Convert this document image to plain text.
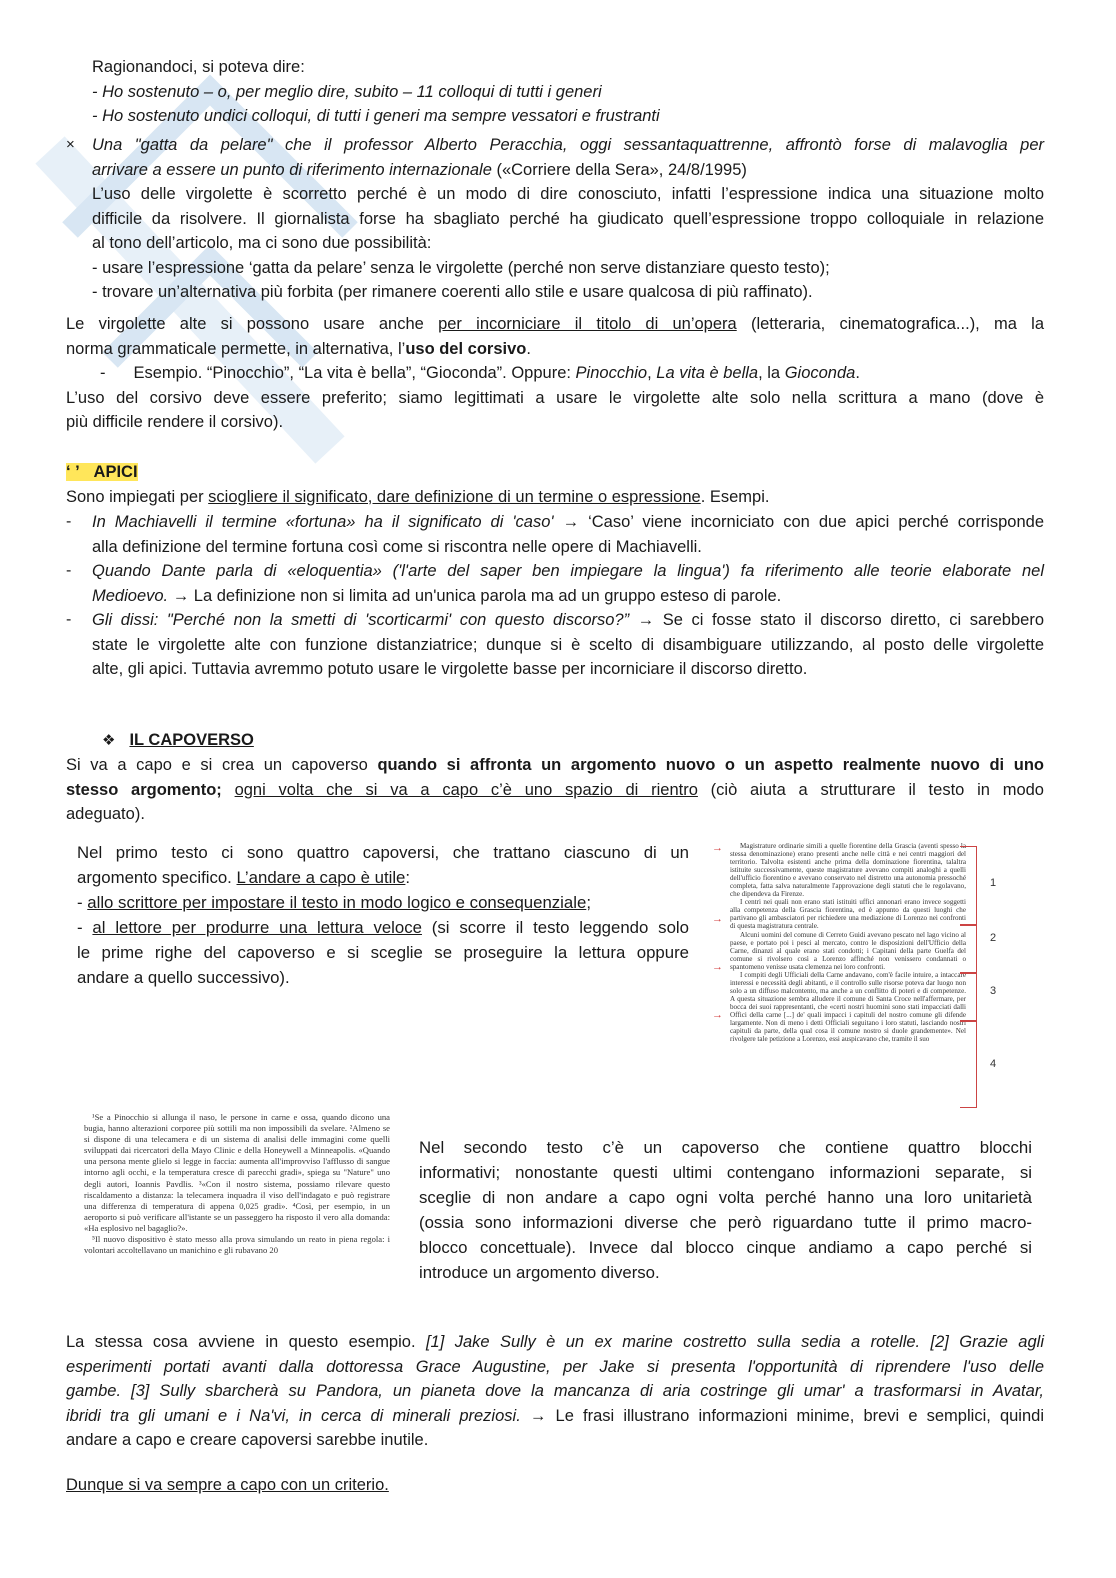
Ragionandoci, si poteva dire:
- Ho sostenuto – o, per meglio dire, subito – 11 colloqui di tutti i generi
- Ho sostenuto undici colloqui, di tutti i generi ma sempre vessatori e frustranti
× Una "gatta da pelare" che il professor Alberto Peracchia, oggi sessantaquattrenne, affrontò forse di malavoglia per
arrivare a essere un punto di riferimento internazionale («Corriere della Sera», 24/8/1995)
L’uso delle virgolette è scorretto perché è un modo di dire conosciuto, infatti l’espressione indica una situazione molto
difficile da risolvere. Il giornalista forse ha sbagliato perché ha giudicato quell’espressione troppo colloquiale in relazione
al tono dell’articolo, ma ci sono due possibilità:
- usare l’espressione ‘gatta da pelare’ senza le virgolette (perché non serve distanziare questo testo);
- trovare un’alternativa più forbita (per rimanere coerenti allo stile e usare qualcosa di più raffinato).
Le virgolette alte si possono usare anche per incorniciare il titolo di un’opera (letteraria, cinematografica...), ma la
norma grammaticale permette, in alternativa, l’uso del corsivo.
- Esempio. “Pinocchio”, “La vita è bella”, “Gioconda”. Oppure: Pinocchio, La vita è bella, la Gioconda.
L’uso del corsivo deve essere preferito; siamo legittimati a usare le virgolette alte solo nella scrittura a mano (dove è
più difficile rendere il corsivo).
‘ ’ APICI
Sono impiegati per sciogliere il significato, dare definizione di un termine o espressione. Esempi.
- In Machiavelli il termine «fortuna» ha il significato di 'caso' → ‘Caso’ viene incorniciato con due apici perché corrisponde
alla definizione del termine fortuna così come si riscontra nelle opere di Machiavelli.
- Quando Dante parla di «eloquentia» ('l'arte del saper ben impiegare la lingua') fa riferimento alle teorie elaborate nel
Medioevo. → La definizione non si limita ad un'unica parola ma ad un gruppo esteso di parole.
- Gli dissi: "Perché non la smetti di 'scorticarmi' con questo discorso?” → Se ci fosse stato il discorso diretto, ci sarebbero
state le virgolette alte con funzione distanziatrice; dunque si è scelto di disambiguare utilizzando, al posto delle virgolette
alte, gli apici. Tuttavia avremmo potuto usare le virgolette basse per incorniciare il discorso diretto.
❖ IL CAPOVERSO
Si va a capo e si crea un capoverso quando si affronta un argomento nuovo o un aspetto realmente nuovo di uno
stesso argomento; ogni volta che si va a capo c’è uno spazio di rientro (ciò aiuta a strutturare il testo in modo
adeguato).
Nel primo testo ci sono quattro capoversi, che trattano ciascuno di un
argomento specifico. L’andare a capo è utile:
- allo scrittore per impostare il testo in modo logico e consequenziale;
- al lettore per produrre una lettura veloce (si scorre il testo leggendo solo
le prime righe del capoverso e si sceglie se proseguire la lettura oppure
andare a quello successivo).
Magistrature ordinarie simili a quelle fiorentine della Grascia (aventi spesso la stessa denominazione) erano presenti anche nelle città e nei centri maggiori del territorio. Talvolta esistenti anche prima della dominazione fiorentina, talaltra istituite successivamente, queste magistrature avevano compiti analoghi a quelli dell'ufficio fiorentino e avevano conservato nel distretto una autonomia pressoché completa, fatta salva naturalmente l'approvazione degli statuti che le regolavano, che dipendeva da Firenze.
I centri nei quali non erano stati istituiti uffici annonari erano invece soggetti alla competenza della Grascia fiorentina, ed è appunto da questi luoghi che partivano gli ambasciatori per richiedere una mediazione di Lorenzo nei confronti di questa magistratura centrale.
Alcuni uomini del comune di Cerreto Guidi avevano pescato nel lago vicino al paese, e portato poi i pesci al mercato, contro le disposizioni dell'Ufficio della Carne, dinanzi al quale erano stati condotti; i Capitani della parte Guelfa del comune si rivolsero così a Lorenzo affinché non venissero condannati o spantomeno venisse usata clemenza nei loro confronti.
I compiti degli Ufficiali della Carne andavano, com'è facile intuire, a intaccare interessi e necessità degli abitanti, e il controllo sulle risorse poteva dar luogo non solo a un diffuso malcontento, ma anche a un conflitto di poteri e di competenze. A questa situazione sembra alludere il comune di Santa Croce nell'affermare, per bocca dei suoi rappresentanti, che «certi nostri huomini sono stati impacciati dalli Offici della carne [...] de' quali impacci i capituli del nostro comune gli difende largamente. Non di meno i detti Officiali seguitano i loro statuti, lasciando nostri capituli da parte, della qual cosa il comune nostro si duole grandemente». Nel rivolgere tale petizione a Lorenzo, essi auspicavano che, tramite il suo
→
→
→
→
1
2
3
4
¹Se a Pinocchio si allunga il naso, le persone in carne e ossa, quando dicono una bugia, hanno alterazioni corporee più sottili ma non impossibili da svelare. ²Almeno se si dispone di una telecamera e di un sistema di analisi delle immagini come quelli sviluppati dai ricercatori della Mayo Clinic e della Honeywell a Minneapolis. «Quando una persona mente glielo si legge in faccia: aumenta all'improvviso l'afflusso di sangue intorno agli occhi, e la temperatura cresce di parecchi gradi», spiega su "Nature" uno degli autori, Ioannis Pavdlis. ³«Con il nostro sistema, possiamo rilevare questo riscaldamento a distanza: la telecamera inquadra il viso dell'indagato e può registrare una differenza di temperatura di appena 0,025 gradi». ⁴Così, per esempio, in un aeroporto si può verificare all'istante se un passeggero ha risposto il vero alla domanda: «Ha esplosivo nel bagaglio?».
⁵Il nuovo dispositivo è stato messo alla prova simulando un reato in piena regola: i volontari accoltellavano un manichino e gli rubavano 20
Nel secondo testo c’è un capoverso che contiene quattro blocchi
informativi; nonostante questi ultimi contengano informazioni separate, si
sceglie di non andare a capo ogni volta perché hanno una loro unitarietà
(ossia sono informazioni diverse che però riguardano tutte il primo macro-
blocco concettuale). Invece dal blocco cinque andiamo a capo perché si
introduce un argomento diverso.
La stessa cosa avviene in questo esempio. [1] Jake Sully è un ex marine costretto sulla sedia a rotelle. [2] Grazie agli
esperimenti portati avanti dalla dottoressa Grace Augustine, per Jake si presenta l'opportunità di riprendere l'uso delle
gambe. [3] Sully sbarcherà su Pandora, un pianeta dove la mancanza di aria costringe gli umar' a trasformarsi in Avatar,
ibridi tra gli umani e i Na'vi, in cerca di minerali preziosi. → Le frasi illustrano informazioni minime, brevi e semplici, quindi
andare a capo e creare capoversi sarebbe inutile.
Dunque si va sempre a capo con un criterio.
